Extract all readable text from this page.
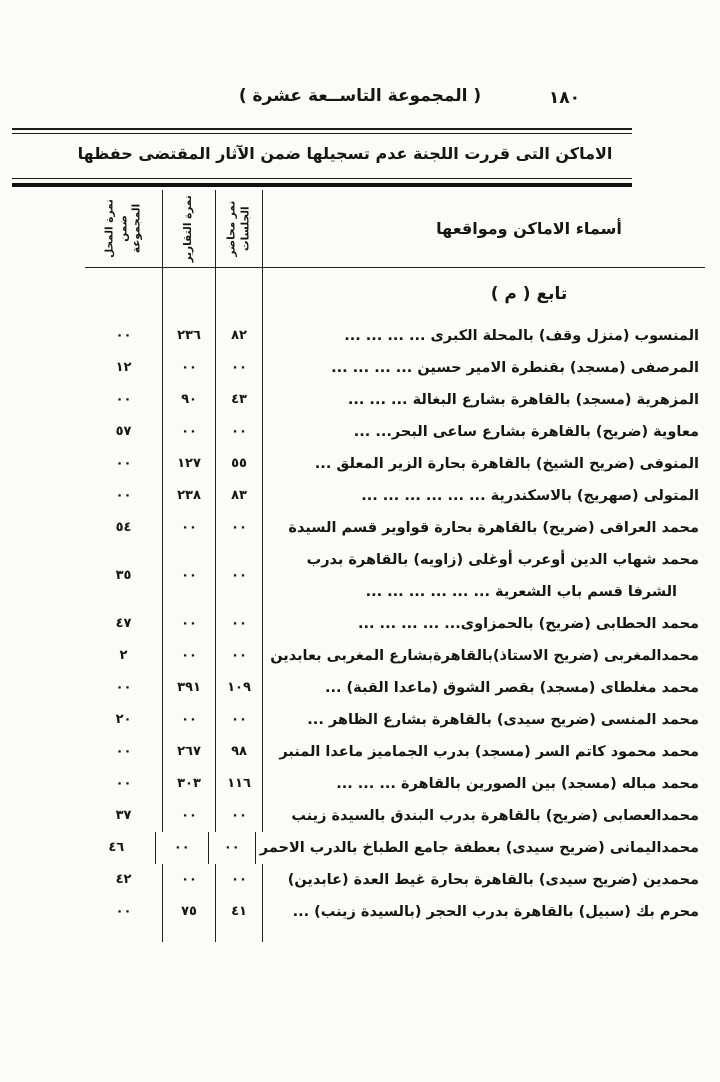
١٨٠
( المجموعة التاســعة عشرة )
الاماكن التى قررت اللجنة عدم تسجيلها ضمن الآثار المقتضى حفظها
أسماء الاماكن ومواقعها
نمر محاضر الجلسات
نمرة التقارير
نمرة المحل ضمن المجموعة
تابع ( م )
المنسوب (منزل وقف) بالمحلة الكبرى ... ... ... ...
٨٢
٢٣٦
٠٠
المرصفى (مسجد) بقنطرة الامير حسين ... ... ... ...
٠٠
٠٠
١٢
المزهرية (مسجد) بالقاهرة بشارع البغالة ... ... ...
٤٣
٩٠
٠٠
معاوية (ضريح) بالقاهرة بشارع ساعى البحر... ...
٠٠
٠٠
٥٧
المنوفى (ضريح الشيخ) بالقاهرة بحارة الزير المعلق ...
٥٥
١٢٧
٠٠
المتولى (صهريج) بالاسكندرية ... ... ... ... ... ...
٨٣
٢٣٨
٠٠
محمد العراقى (ضريح) بالقاهرة بحارة قواوير قسم السيدة
٠٠
٠٠
٥٤
محمد شهاب الدين أوعرب أوغلى (زاويه) بالقاهرة بدرب
الشرفا قسم باب الشعرية ... ... ... ... ... ...
٠٠
٠٠
٣٥
محمد الحطابى (ضريح) بالحمزاوى... ... ... ... ...
٠٠
٠٠
٤٧
محمدالمغربى (ضريح الاستاذ)بالقاهرةبشارع المغربى بعابدين
٠٠
٠٠
٢
محمد مغلطاى (مسجد) بقصر الشوق (ماعدا القبة) ...
١٠٩
٣٩١
٠٠
محمد المنسى (ضريح سيدى) بالقاهرة بشارع الظاهر ...
٠٠
٠٠
٢٠
محمد محمود كاتم السر (مسجد) بدرب الجماميز ماعدا المنبر
٩٨
٢٦٧
٠٠
محمد مباله (مسجد) بين الصورين بالقاهرة ... ... ...
١١٦
٣٠٣
٠٠
محمدالعصابى (ضريح) بالقاهرة بدرب البندق بالسيدة زينب
٠٠
٠٠
٣٧
محمداليمانى (ضريح سيدى) بعطفة جامع الطباخ بالدرب الاحمر
٠٠
٠٠
٤٦
محمدين (ضريح سيدى) بالقاهرة بحارة غيط العدة (عابدين)
٠٠
٠٠
٤٢
محرم بك (سبيل) بالقاهرة بدرب الحجر (بالسيدة زينب) ...
٤١
٧٥
٠٠
